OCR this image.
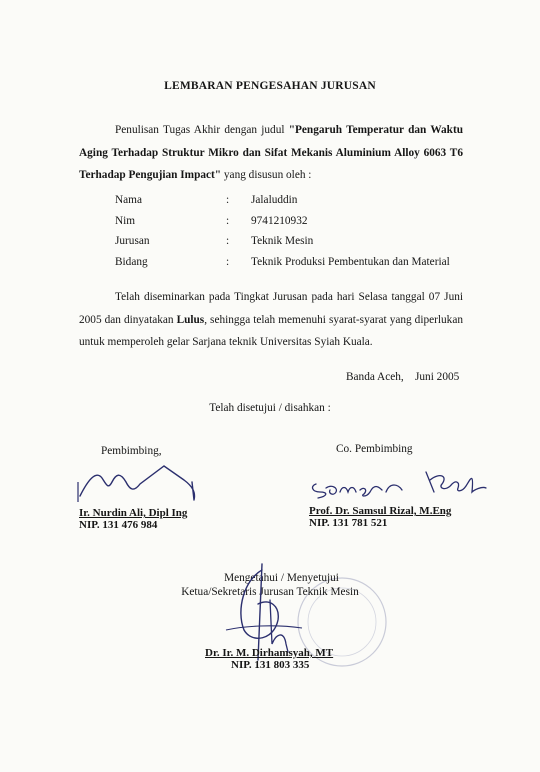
LEMBARAN PENGESAHAN JURUSAN
Penulisan Tugas Akhir dengan judul "Pengaruh Temperatur dan Waktu Aging Terhadap Struktur Mikro dan Sifat Mekanis Aluminium Alloy 6063 T6 Terhadap Pengujian Impact" yang disusun oleh :
Nama	: Jalaluddin
Nim	: 9741210932
Jurusan	: Teknik Mesin
Bidang	: Teknik Produksi Pembentukan dan Material
Telah diseminarkan pada Tingkat Jurusan pada hari Selasa tanggal 07 Juni 2005 dan dinyatakan Lulus, sehingga telah memenuhi syarat-syarat yang diperlukan untuk memperoleh gelar Sarjana teknik Universitas Syiah Kuala.
Banda Aceh,    Juni 2005
Telah disetujui / disahkan :
Pembimbing,	Co. Pembimbing
Ir. Nurdin Ali, Dipl Ing
NIP. 131 476 984
Prof. Dr. Samsul Rizal, M.Eng
NIP. 131 781 521
Mengetahui / Menyetujui
Ketua/Sekretaris Jurusan Teknik Mesin
Dr. Ir. M. Dirhamsyah, MT
NIP. 131 803 335
